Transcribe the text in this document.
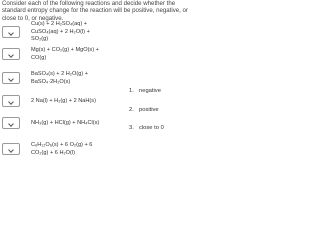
Consider each of the following reactions and decide whether the standard entropy change for the reaction will be positive, negative, or close to 0, or negative.
Cu(s) + 2 H₂SO₄(aq) +
CuSO₄(aq) + 2 H₂O(l) +
SO₂(g)
Mg(s) + CO₂(g) + MgO(s) +
CO(g)
BaSO₄(s) + 2 H₂O(g) +
BaSO₄·2H₂O(s)
2 Na(l) + H₂(g) + 2 NaH(s)
NH₃(g) + HCl(g) + NH₄Cl(s)
C₆H₁₂O₆(s) + 6 O₂(g) + 6
CO₂(g) + 6 H₂O(l)
1. negative
2. positive
3. close to 0
